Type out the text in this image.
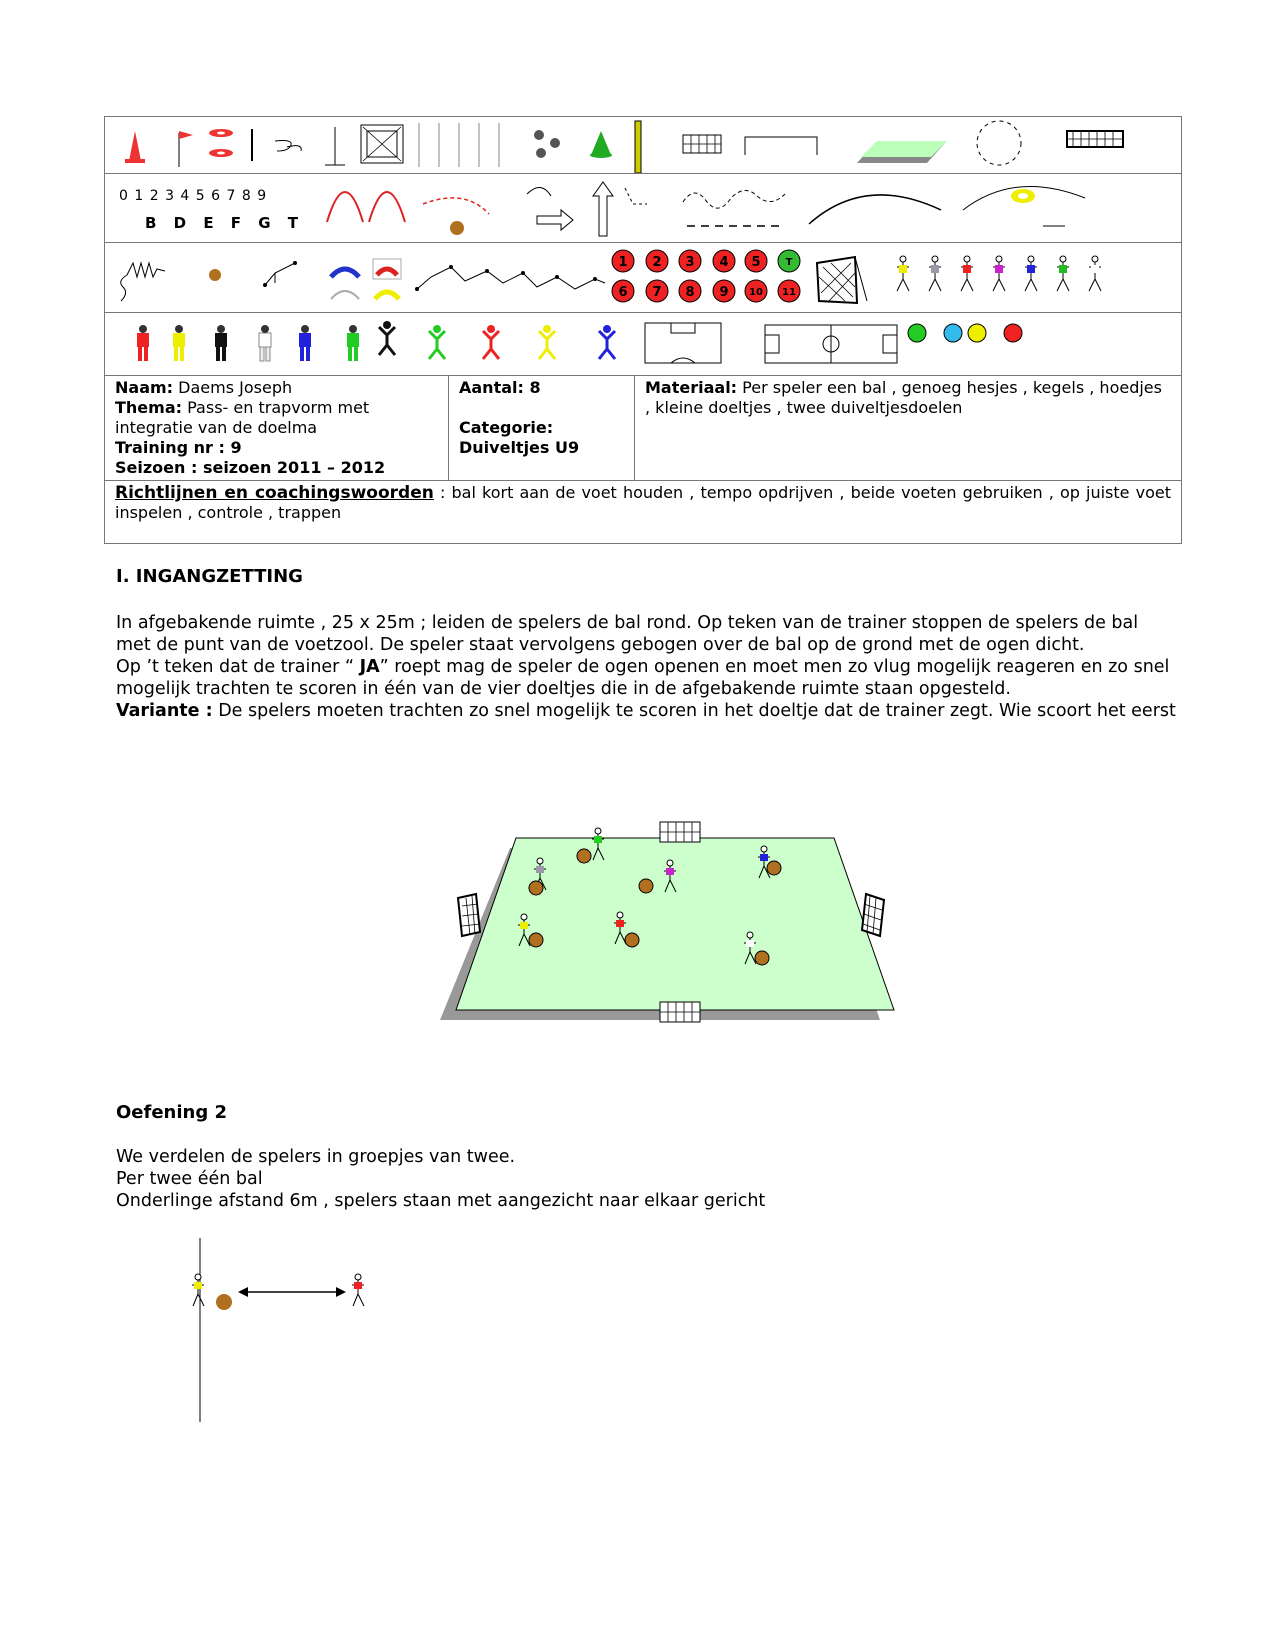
0 1 2 3 4 5 6 7 8 9
B D E F G T
1 2 3 4 5	T
6 7 8 9 10 11
Naam: Daems Joseph
Thema: Pass- en trapvorm met integratie van de doelma
Training nr : 9
Seizoen : seizoen 2011 – 2012
Aantal: 8

Categorie:
Duiveltjes U9
Materiaal: Per speler een bal , genoeg hesjes , kegels , hoedjes , kleine doeltjes , twee duiveltjesdoelen
Richtlijnen en coachingswoorden : bal kort aan de voet houden , tempo opdrijven , beide voeten gebruiken , op juiste voet inspelen , controle , trappen
I. INGANGZETTING
In afgebakende ruimte , 25 x 25m ; leiden de spelers de bal rond. Op teken van de trainer stoppen de spelers de bal met de punt van de voetzool. De speler staat vervolgens gebogen over de bal op de grond met de ogen dicht.
Op ’t teken dat de trainer “ JA” roept mag de speler de ogen openen en moet men zo vlug mogelijk reageren en zo snel mogelijk trachten te scoren in één van de vier doeltjes die in de afgebakende ruimte staan opgesteld.
Variante : De spelers moeten trachten zo snel mogelijk te scoren in het doeltje dat de trainer zegt. Wie scoort het eerst
Oefening 2
We verdelen de spelers in groepjes van twee.
Per twee één bal
Onderlinge afstand 6m , spelers staan met aangezicht naar elkaar gericht
